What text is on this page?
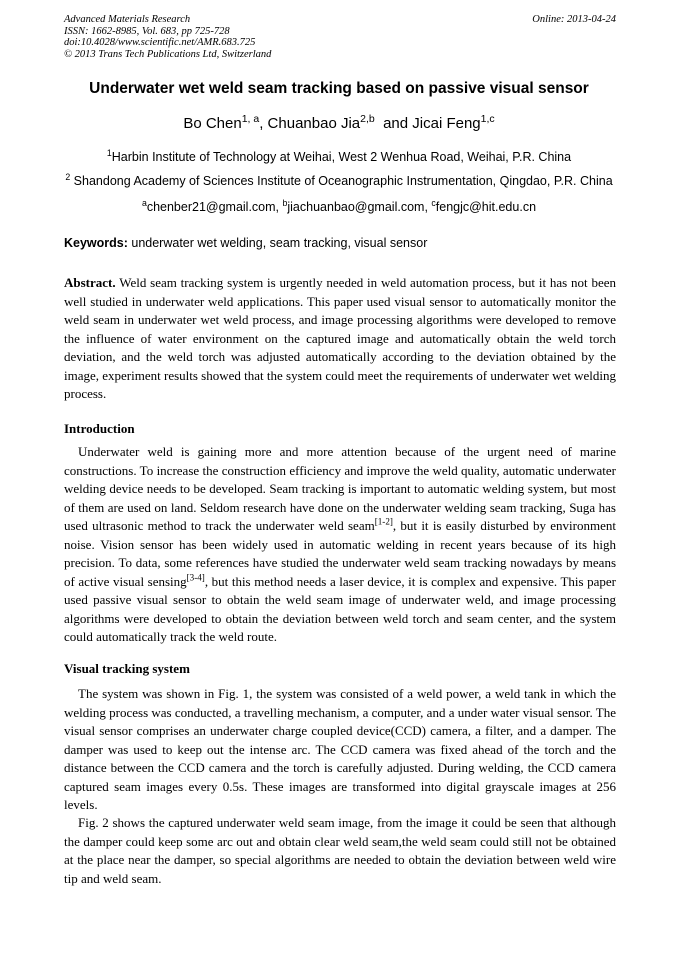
Advanced Materials Research
ISSN: 1662-8985, Vol. 683, pp 725-728
doi:10.4028/www.scientific.net/AMR.683.725
© 2013 Trans Tech Publications Ltd, Switzerland
Online: 2013-04-24
Underwater wet weld seam tracking based on passive visual sensor
Bo Chen$^{1, a}$, Chuanbao Jia$^{2,b}$  and Jicai Feng$^{1,c}$
$^1$Harbin Institute of Technology at Weihai, West 2 Wenhua Road, Weihai, P.R. China
$^2$ Shandong Academy of Sciences Institute of Oceanographic Instrumentation, Qingdao, P.R. China
$^a$chenber21@gmail.com, $^b$jiachuanbao@gmail.com, $^c$fengjc@hit.edu.cn
Keywords: underwater wet welding, seam tracking, visual sensor
Abstract. Weld seam tracking system is urgently needed in weld automation process, but it has not been well studied in underwater weld applications. This paper used visual sensor to automatically monitor the weld seam in underwater wet weld process, and image processing algorithms were developed to remove the influence of water environment on the captured image and automatically obtain the weld torch deviation, and the weld torch was adjusted automatically according to the deviation obtained by the image, experiment results showed that the system could meet the requirements of underwater wet welding process.
Introduction
Underwater weld is gaining more and more attention because of the urgent need of marine constructions. To increase the construction efficiency and improve the weld quality, automatic underwater welding device needs to be developed. Seam tracking is important to automatic welding system, but most of them are used on land. Seldom research have done on the underwater welding seam tracking, Suga has used ultrasonic method to track the underwater weld seam[1-2], but it is easily disturbed by environment noise. Vision sensor has been widely used in automatic welding in recent years because of its high precision. To data, some references have studied the underwater weld seam tracking nowadays by means of active visual sensing[3-4], but this method needs a laser device, it is complex and expensive. This paper used passive visual sensor to obtain the weld seam image of underwater weld, and image processing algorithms were developed to obtain the deviation between weld torch and seam center, and the system could automatically track the weld route.
Visual tracking system
The system was shown in Fig. 1, the system was consisted of a weld power, a weld tank in which the welding process was conducted, a travelling mechanism, a computer, and a under water visual sensor. The visual sensor comprises an underwater charge coupled device(CCD) camera, a filter, and a damper. The damper was used to keep out the intense arc. The CCD camera was fixed ahead of the torch and the distance between the CCD camera and the torch is carefully adjusted. During welding, the CCD camera captured seam images every 0.5s. These images are transformed into digital grayscale images at 256 levels.
Fig. 2 shows the captured underwater weld seam image, from the image it could be seen that although the damper could keep some arc out and obtain clear weld seam,the weld seam could still not be obtained at the place near the damper, so special algorithms are needed to obtain the deviation between weld wire tip and weld seam.
